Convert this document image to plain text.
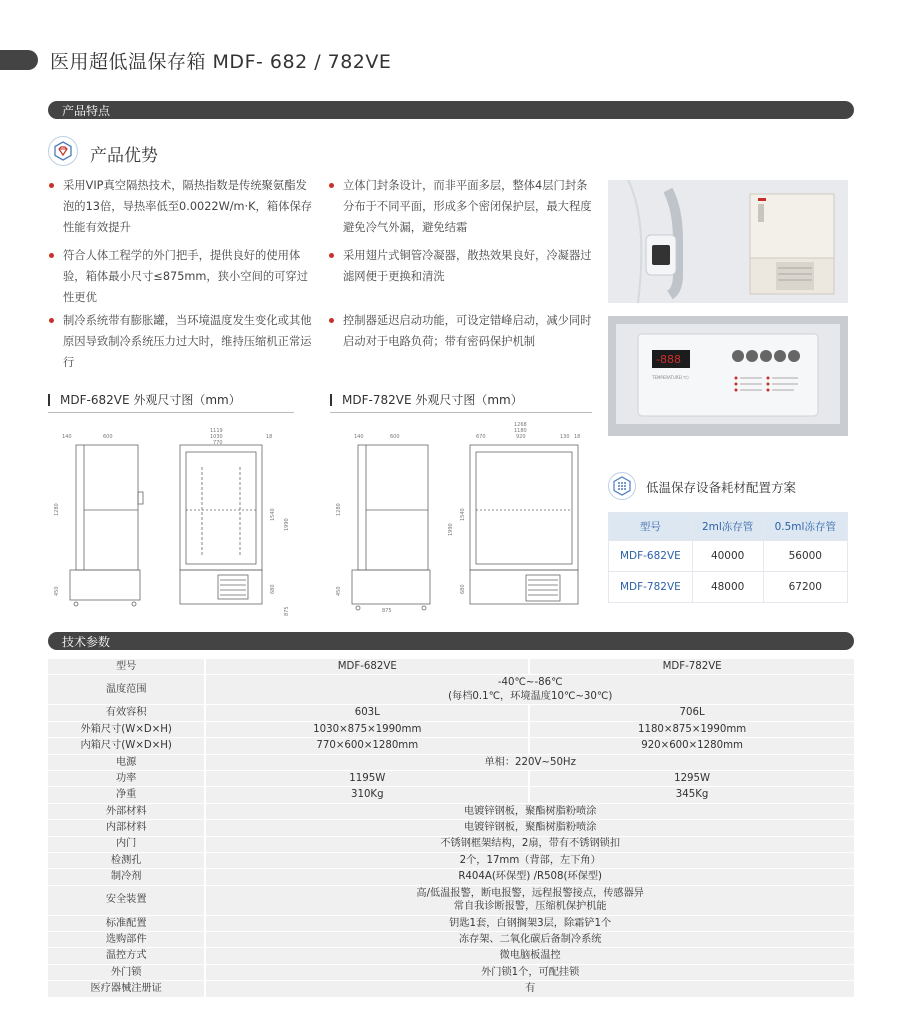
医用超低温保存箱 MDF- 682 / 782VE
产品特点
产品优势
采用VIP真空隔热技术，隔热指数是传统聚氨酯发泡的13倍，导热率低至0.0022W/m·K，箱体保存性能有效提升
符合人体工程学的外门把手，提供良好的使用体验，箱体最小尺寸≤875mm，狭小空间的可穿过性更优
制冷系统带有膨胀罐，当环境温度发生变化或其他原因导致制冷系统压力过大时，维持压缩机正常运行
立体门封条设计，而非平面多层，整体4层门封条分布于不同平面，形成多个密闭保护层，最大程度避免冷气外漏，避免结霜
采用翅片式铜管冷凝器，散热效果良好，冷凝器过滤网便于更换和清洗
控制器延迟启动功能，可设定错峰启动，减少同时启动对于电路负荷；带有密码保护机制
MDF-682VE 外观尺寸图（mm）	MDF-782VE 外观尺寸图（mm）
140	600
1280
450
1119
1030
770
18
1540
1990
680
875
140	600
1280
450
875
1268
1180
670	920	130 18
1540
1990
680
-888
TEMPERATURE(℃)
低温保存设备耗材配置方案
型号	2ml冻存管	0.5ml冻存管
MDF-682VE	40000	56000
MDF-782VE	48000	67200
技术参数
型号	MDF-682VE	MDF-782VE
温度范围	-40℃~-86℃
(每档0.1℃，环境温度10℃~30℃)	
有效容积	603L	706L
外箱尺寸(W×D×H)	1030×875×1990mm	1180×875×1990mm
内箱尺寸(W×D×H)	770×600×1280mm	920×600×1280mm
电源	单相：220V~50Hz	
功率	1195W	1295W
净重	310Kg	345Kg
外部材料	电镀锌钢板，聚酯树脂粉喷涂	
内部材料	电镀锌钢板，聚酯树脂粉喷涂	
内门	不锈钢框架结构，2扇，带有不锈钢锁扣	
检测孔	2个，17mm（背部，左下角）	
制冷剂	R404A(环保型) /R508(环保型)	
安全装置	高/低温报警，断电报警，远程报警接点，传感器异
常自我诊断报警，压缩机保护机能	
标准配置	钥匙1套，白钢搁架3层，除霜铲1个	
选购部件	冻存架、二氧化碳后备制冷系统	
温控方式	微电脑板温控	
外门锁	外门锁1个，可配挂锁	
医疗器械注册证	有	
